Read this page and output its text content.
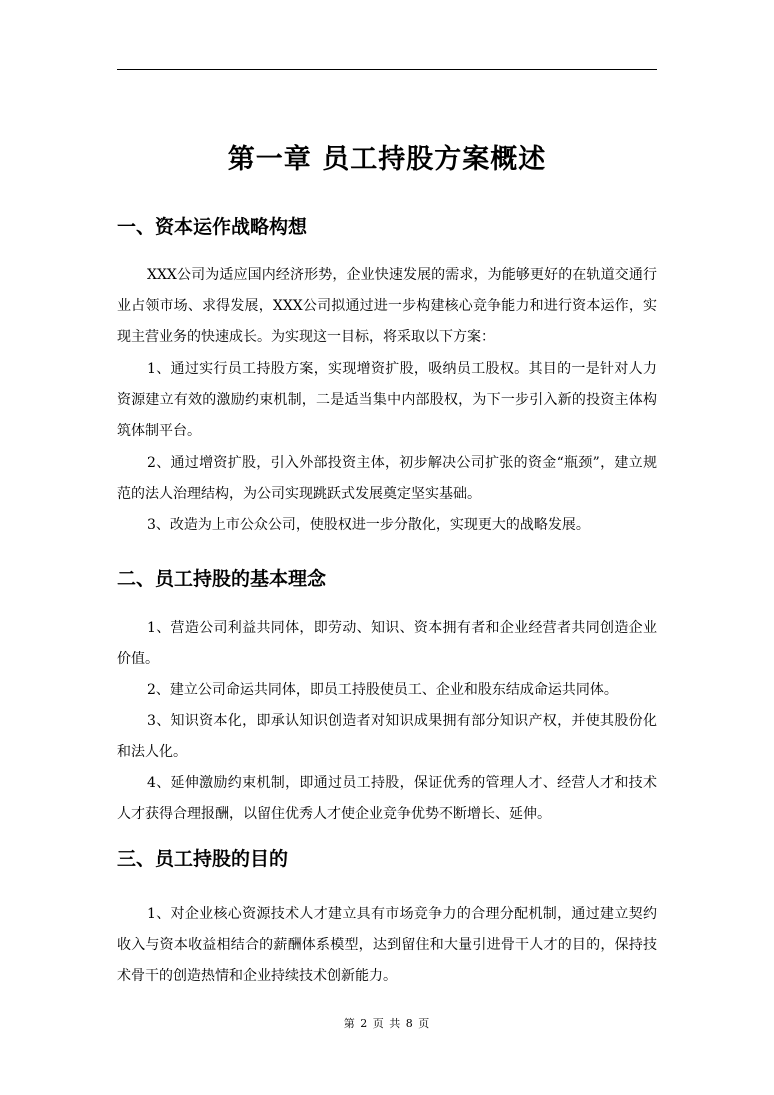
第一章 员工持股方案概述
一、资本运作战略构想
XXX公司为适应国内经济形势，企业快速发展的需求，为能够更好的在轨道交通行业占领市场、求得发展，XXX公司拟通过进一步构建核心竞争能力和进行资本运作，实现主营业务的快速成长。为实现这一目标，将采取以下方案：
1、通过实行员工持股方案，实现增资扩股，吸纳员工股权。其目的一是针对人力资源建立有效的激励约束机制，二是适当集中内部股权，为下一步引入新的投资主体构筑体制平台。
2、通过增资扩股，引入外部投资主体，初步解决公司扩张的资金“瓶颈”，建立规范的法人治理结构，为公司实现跳跃式发展奠定坚实基础。
3、改造为上市公众公司，使股权进一步分散化，实现更大的战略发展。
二、员工持股的基本理念
1、营造公司利益共同体，即劳动、知识、资本拥有者和企业经营者共同创造企业价值。
2、建立公司命运共同体，即员工持股使员工、企业和股东结成命运共同体。
3、知识资本化，即承认知识创造者对知识成果拥有部分知识产权，并使其股份化和法人化。
4、延伸激励约束机制，即通过员工持股，保证优秀的管理人才、经营人才和技术人才获得合理报酬，以留住优秀人才使企业竞争优势不断增长、延伸。
三、员工持股的目的
1、对企业核心资源技术人才建立具有市场竞争力的合理分配机制，通过建立契约收入与资本收益相结合的薪酬体系模型，达到留住和大量引进骨干人才的目的，保持技术骨干的创造热情和企业持续技术创新能力。
第 2 页 共 8 页
